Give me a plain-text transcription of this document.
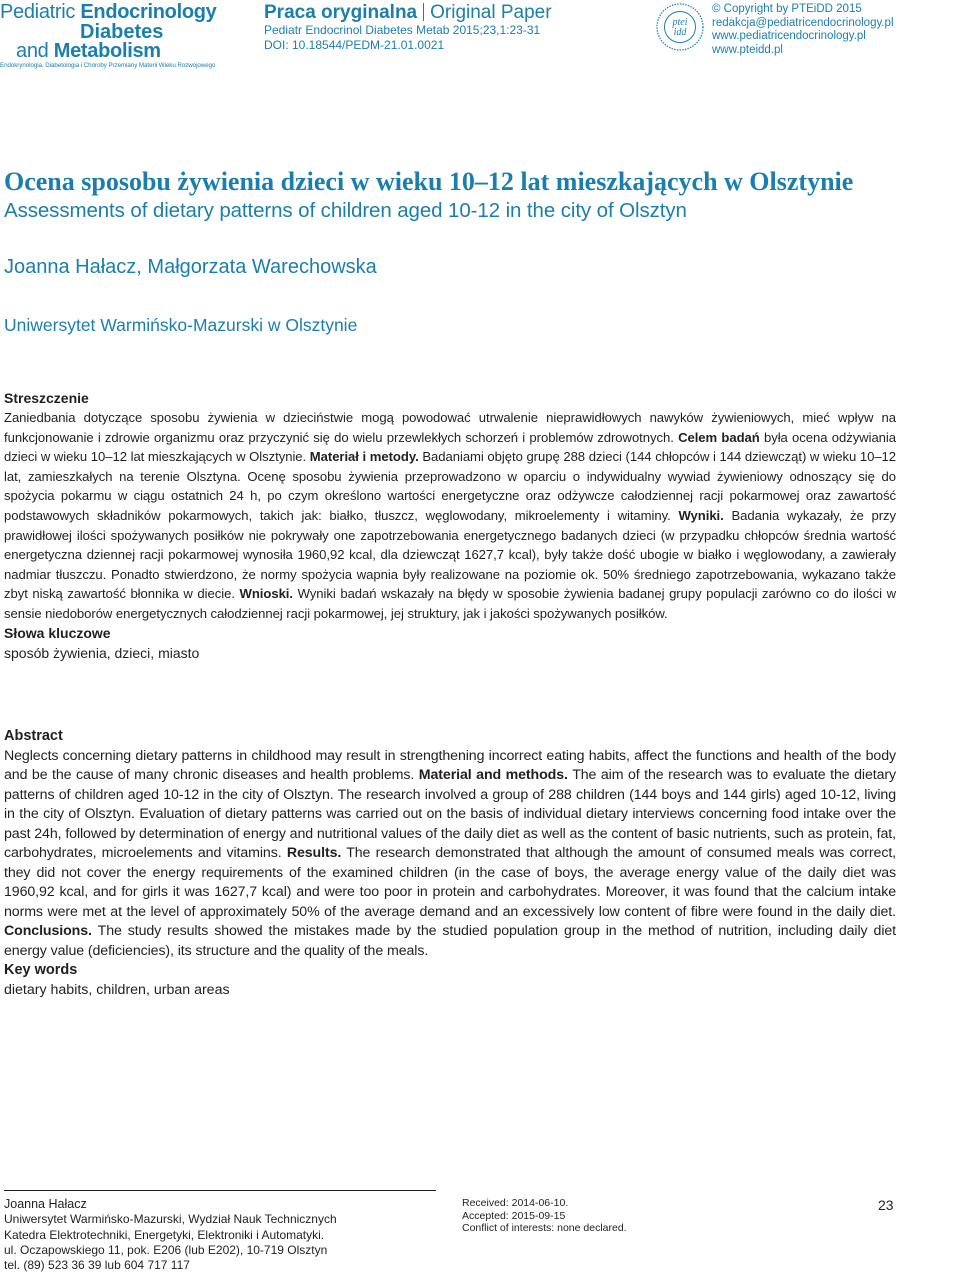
Pediatric Endocrinology
Diabetes
and Metabolism
Endokrynologia, Diabetologia i Choroby Przemiany Materii Wieku Rozwojowego
Praca oryginalna Original Paper
Pediatr Endocrinol Diabetes Metab 2015;23,1:23-31
DOI: 10.18544/PEDM-21.01.0021
ptei
idd
© Copyright by PTEiDD 2015
redakcja@pediatricendocrinology.pl
www.pediatricendocrinology.pl
www.pteidd.pl
Ocena sposobu żywienia dzieci w wieku 10–12 lat mieszkających w Olsztynie
Assessments of dietary patterns of children aged 10-12 in the city of Olsztyn
Joanna Hałacz, Małgorzata Warechowska
Uniwersytet Warmińsko-Mazurski w Olsztynie
Streszczenie

Zaniedbania dotyczące sposobu żywienia w dzieciństwie mogą powodować utrwalenie nieprawidłowych nawyków żywieniowych, mieć wpływ na funkcjonowanie i zdrowie organizmu oraz przyczynić się do wielu przewlekłych schorzeń i problemów zdrowotnych. Celem badań była ocena odżywiania dzieci w wieku 10–12 lat mieszkających w Olsztynie. Materiał i metody. Badaniami objęto grupę 288 dzieci (144 chłopców i 144 dziewcząt) w wieku 10–12 lat, zamieszkałych na terenie Olsztyna. Ocenę sposobu żywienia przeprowadzono w oparciu o indywidualny wywiad żywieniowy odnoszący się do spożycia pokarmu w ciągu ostatnich 24 h, po czym określono wartości energetyczne oraz odżywcze całodziennej racji pokarmowej oraz zawartość podstawowych składników pokarmowych, takich jak: białko, tłuszcz, węglowodany, mikroelementy i witaminy. Wyniki. Badania wykazały, że przy prawidłowej ilości spożywanych posiłków nie pokrywały one zapotrzebowania energetycznego badanych dzieci (w przypadku chłopców średnia wartość energetyczna dziennej racji pokarmowej wynosiła 1960,92 kcal, dla dziewcząt 1627,7 kcal), były także dość ubogie w białko i węglowodany, a zawierały nadmiar tłuszczu. Ponadto stwierdzono, że normy spożycia wapnia były realizowane na poziomie ok. 50% średniego zapotrzebowania, wykazano także zbyt niską zawartość błonnika w diecie. Wnioski. Wyniki badań wskazały na błędy w sposobie żywienia badanej grupy populacji zarówno co do ilości w sensie niedoborów energetycznych całodziennej racji pokarmowej, jej struktury, jak i jakości spożywanych posiłków.

Słowa kluczowe
sposób żywienia, dzieci, miasto
Abstract

Neglects concerning dietary patterns in childhood may result in strengthening incorrect eating habits, affect the functions and health of the body and be the cause of many chronic diseases and health problems. Material and methods. The aim of the research was to evaluate the dietary patterns of children aged 10-12 in the city of Olsztyn. The research involved a group of 288 children (144 boys and 144 girls) aged 10-12, living in the city of Olsztyn. Evaluation of dietary patterns was carried out on the basis of individual dietary interviews concerning food intake over the past 24h, followed by determination of energy and nutritional values of the daily diet as well as the content of basic nutrients, such as protein, fat, carbohydrates, microelements and vitamins. Results. The research demonstrated that although the amount of consumed meals was correct, they did not cover the energy requirements of the examined children (in the case of boys, the average energy value of the daily diet was 1960,92 kcal, and for girls it was 1627,7 kcal) and were too poor in protein and carbohydrates. Moreover, it was found that the calcium intake norms were met at the level of approximately 50% of the average demand and an excessively low content of fibre were found in the daily diet. Conclusions. The study results showed the mistakes made by the studied population group in the method of nutrition, including daily diet energy value (deficiencies), its structure and the quality of the meals.

Key words
dietary habits, children, urban areas
Joanna Hałacz
Uniwersytet Warmińsko-Mazurski, Wydział Nauk Technicznych
Katedra Elektrotechniki, Energetyki, Elektroniki i Automatyki.
ul. Oczapowskiego 11, pok. E206 (lub E202), 10-719 Olsztyn
tel. (89) 523 36 39 lub 604 717 117
Received: 2014-06-10.
Accepted: 2015-09-15
Conflict of interests: none declared.
23
